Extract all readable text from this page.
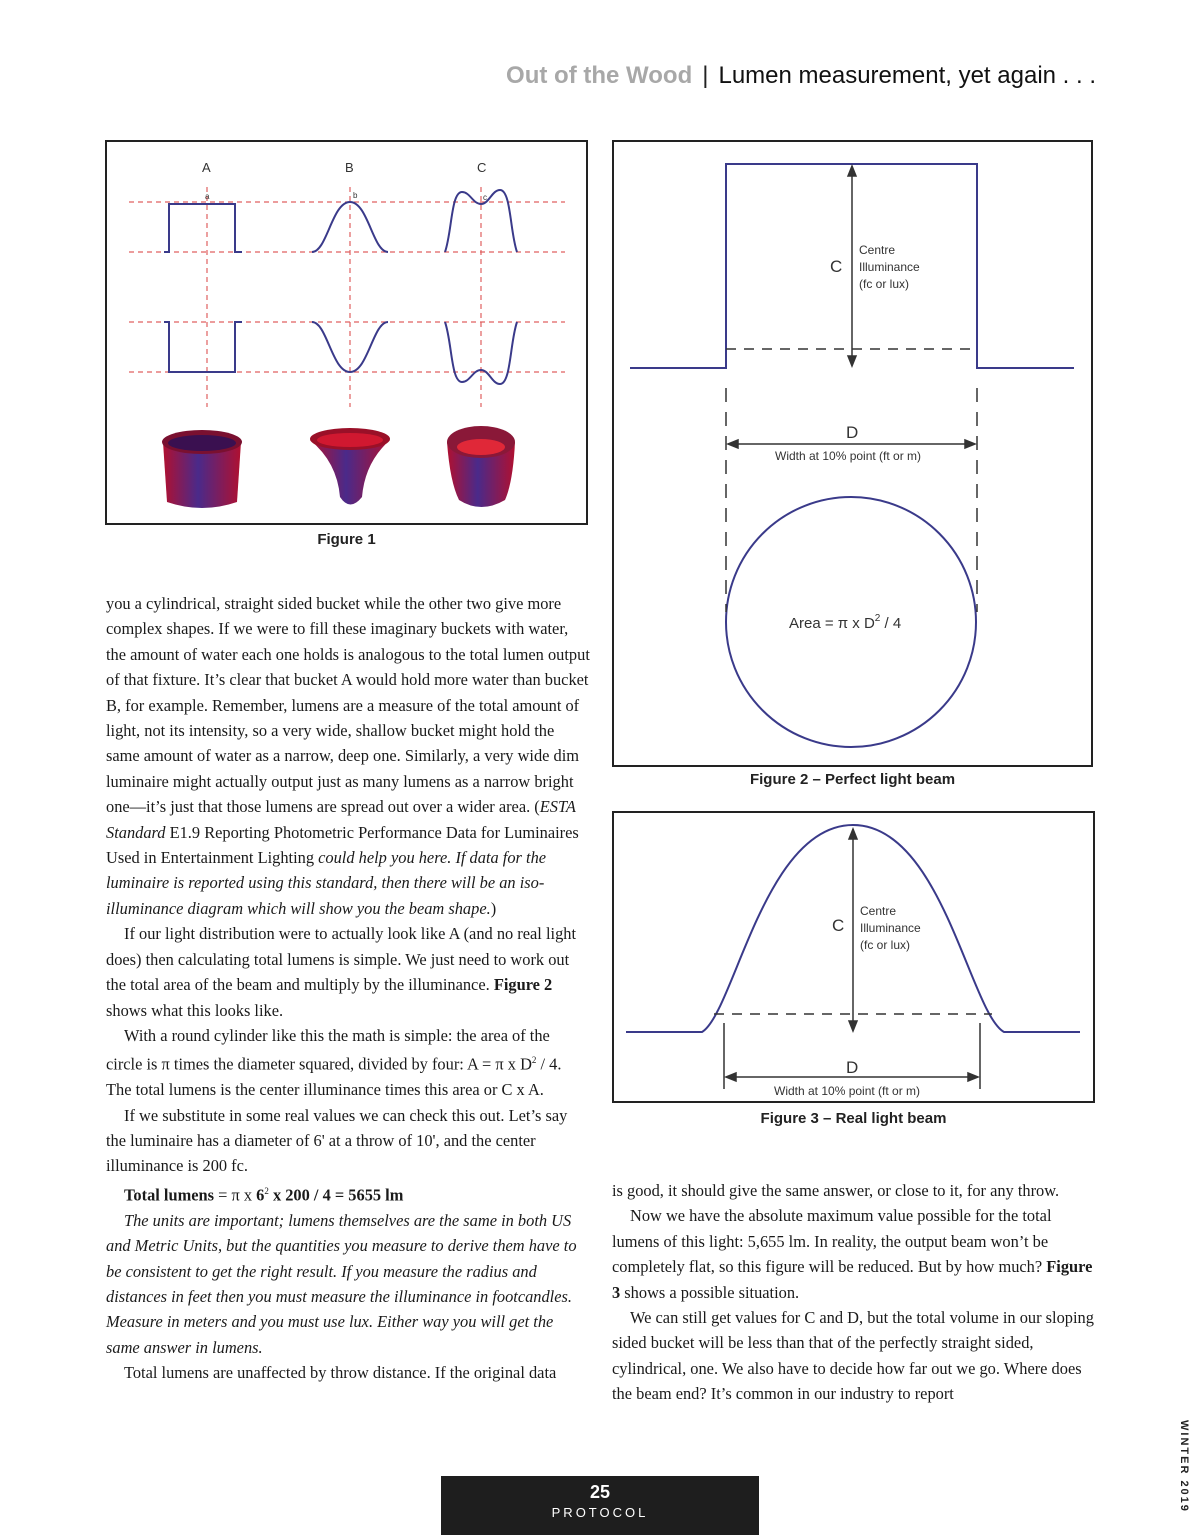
Out of the Wood | Lumen measurement, yet again . . .
A	B	C
a	b	c
Figure 1
C
Centre
Illuminance
(fc or lux)
D
Width at 10% point (ft or m)
Area = π x $D^2 / 4$
Figure 2 – Perfect light beam
C
Centre
Illuminance
(fc or lux)
D
Width at 10% point (ft or m)
Figure 3 – Real light beam

you a cylindrical, straight sided bucket while the other two give more complex shapes. If we were to fill these imaginary buckets with water, the amount of water each one holds is analogous to the total lumen output of that fixture. It’s clear that bucket A would hold more water than bucket B, for example. Remember, lumens are a measure of the total amount of light, not its intensity, so a very wide, shallow bucket might hold the same amount of water as a narrow, deep one. Similarly, a very wide dim luminaire might actually output just as many lumens as a narrow bright one—it’s just that those lumens are spread out over a wider area. (ESTA Standard E1.9 Reporting Photometric Performance Data for Luminaires Used in Entertainment Lighting could help you here. If data for the luminaire is reported using this standard, then there will be an iso-illuminance diagram which will show you the beam shape.)

If our light distribution were to actually look like A (and no real light does) then calculating total lumens is simple. We just need to work out the total area of the beam and multiply by the illuminance. Figure 2 shows what this looks like.

With a round cylinder like this the math is simple: the area of the circle is π times the diameter squared, divided by four: A = π x $D^2 / 4$. The total lumens is the center illuminance times this area or C x A.

If we substitute in some real values we can check this out. Let’s say the luminaire has a diameter of 6' at a throw of 10', and the center illuminance is 200 fc.

Total lumens = π x $6^2$ x 200 / 4 = 5655 lm

The units are important; lumens themselves are the same in both US and Metric Units, but the quantities you measure to derive them have to be consistent to get the right result. If you measure the radius and distances in feet then you must measure the illuminance in footcandles. Measure in meters and you must use lux. Either way you will get the same answer in lumens.

Total lumens are unaffected by throw distance. If the original data

is good, it should give the same answer, or close to it, for any throw.

Now we have the absolute maximum value possible for the total lumens of this light: 5,655 lm. In reality, the output beam won’t be completely flat, so this figure will be reduced. But by how much? Figure 3 shows a possible situation.

We can still get values for C and D, but the total volume in our sloping sided bucket will be less than that of the perfectly straight sided, cylindrical, one. We also have to decide how far out we go. Where does the beam end? It’s common in our industry to report

WINTER 2019
25
PROTOCOL
